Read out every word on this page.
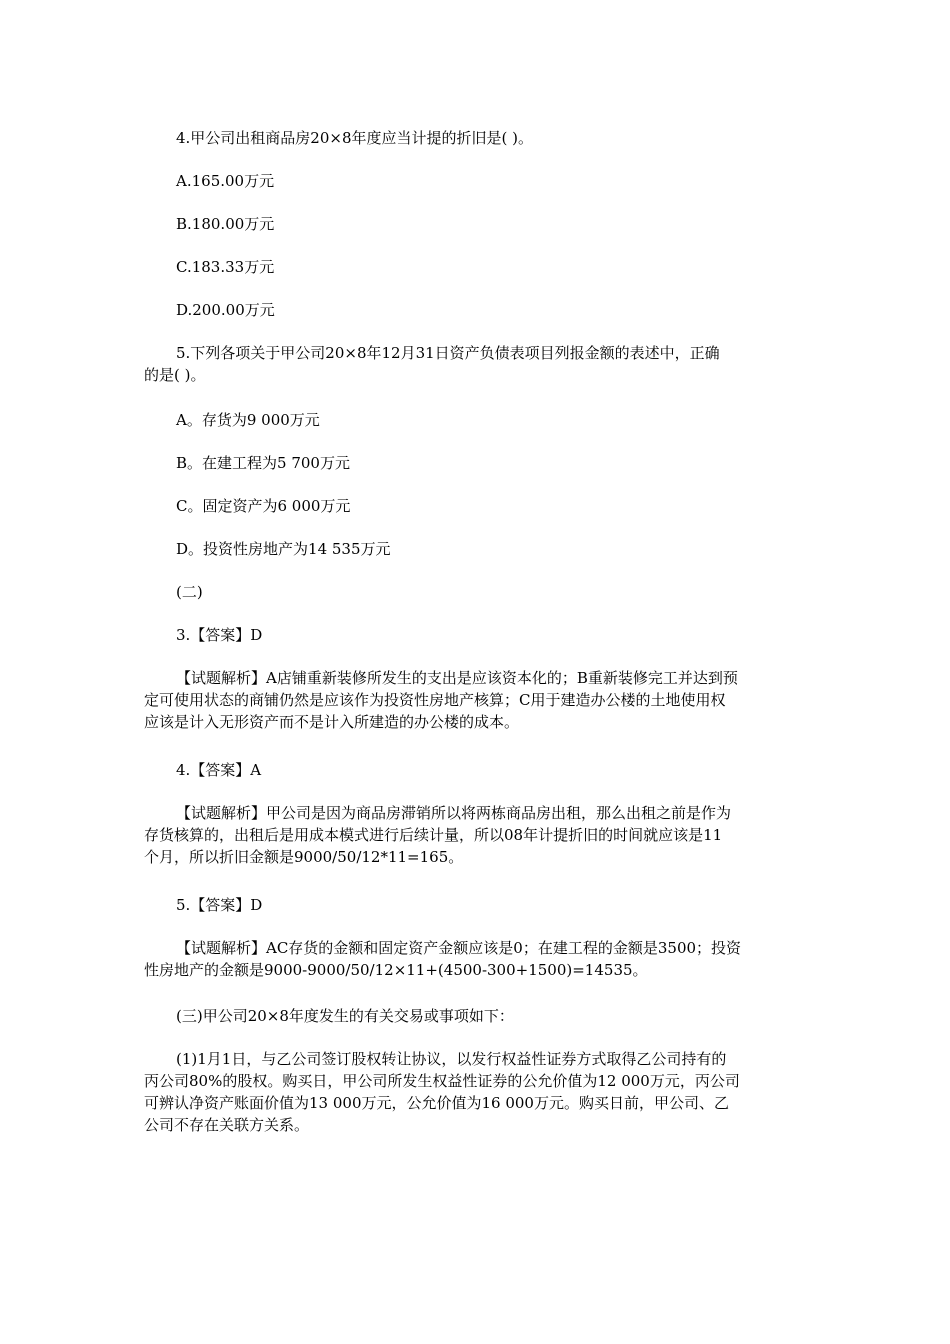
4.甲公司出租商品房20×8年度应当计提的折旧是( )。

A.165.00万元

B.180.00万元

C.183.33万元

D.200.00万元

5.下列各项关于甲公司20×8年12月31日资产负债表项目列报金额的表述中，正确
的是( )。

A。存货为9 000万元

B。在建工程为5 700万元

C。固定资产为6 000万元

D。投资性房地产为14 535万元

(二)

3.【答案】D

【试题解析】A店铺重新装修所发生的支出是应该资本化的；B重新装修完工并达到预
定可使用状态的商铺仍然是应该作为投资性房地产核算；C用于建造办公楼的土地使用权
应该是计入无形资产而不是计入所建造的办公楼的成本。

4.【答案】A

【试题解析】甲公司是因为商品房滞销所以将两栋商品房出租，那么出租之前是作为
存货核算的，出租后是用成本模式进行后续计量，所以08年计提折旧的时间就应该是11
个月，所以折旧金额是9000/50/12*11=165。

5.【答案】D

【试题解析】AC存货的金额和固定资产金额应该是0；在建工程的金额是3500；投资
性房地产的金额是9000-9000/50/12×11+(4500-300+1500)=14535。

(三)甲公司20×8年度发生的有关交易或事项如下：

(1)1月1日，与乙公司签订股权转让协议，以发行权益性证券方式取得乙公司持有的
丙公司80%的股权。购买日，甲公司所发生权益性证券的公允价值为12 000万元，丙公司
可辨认净资产账面价值为13 000万元，公允价值为16 000万元。购买日前，甲公司、乙
公司不存在关联方关系。
